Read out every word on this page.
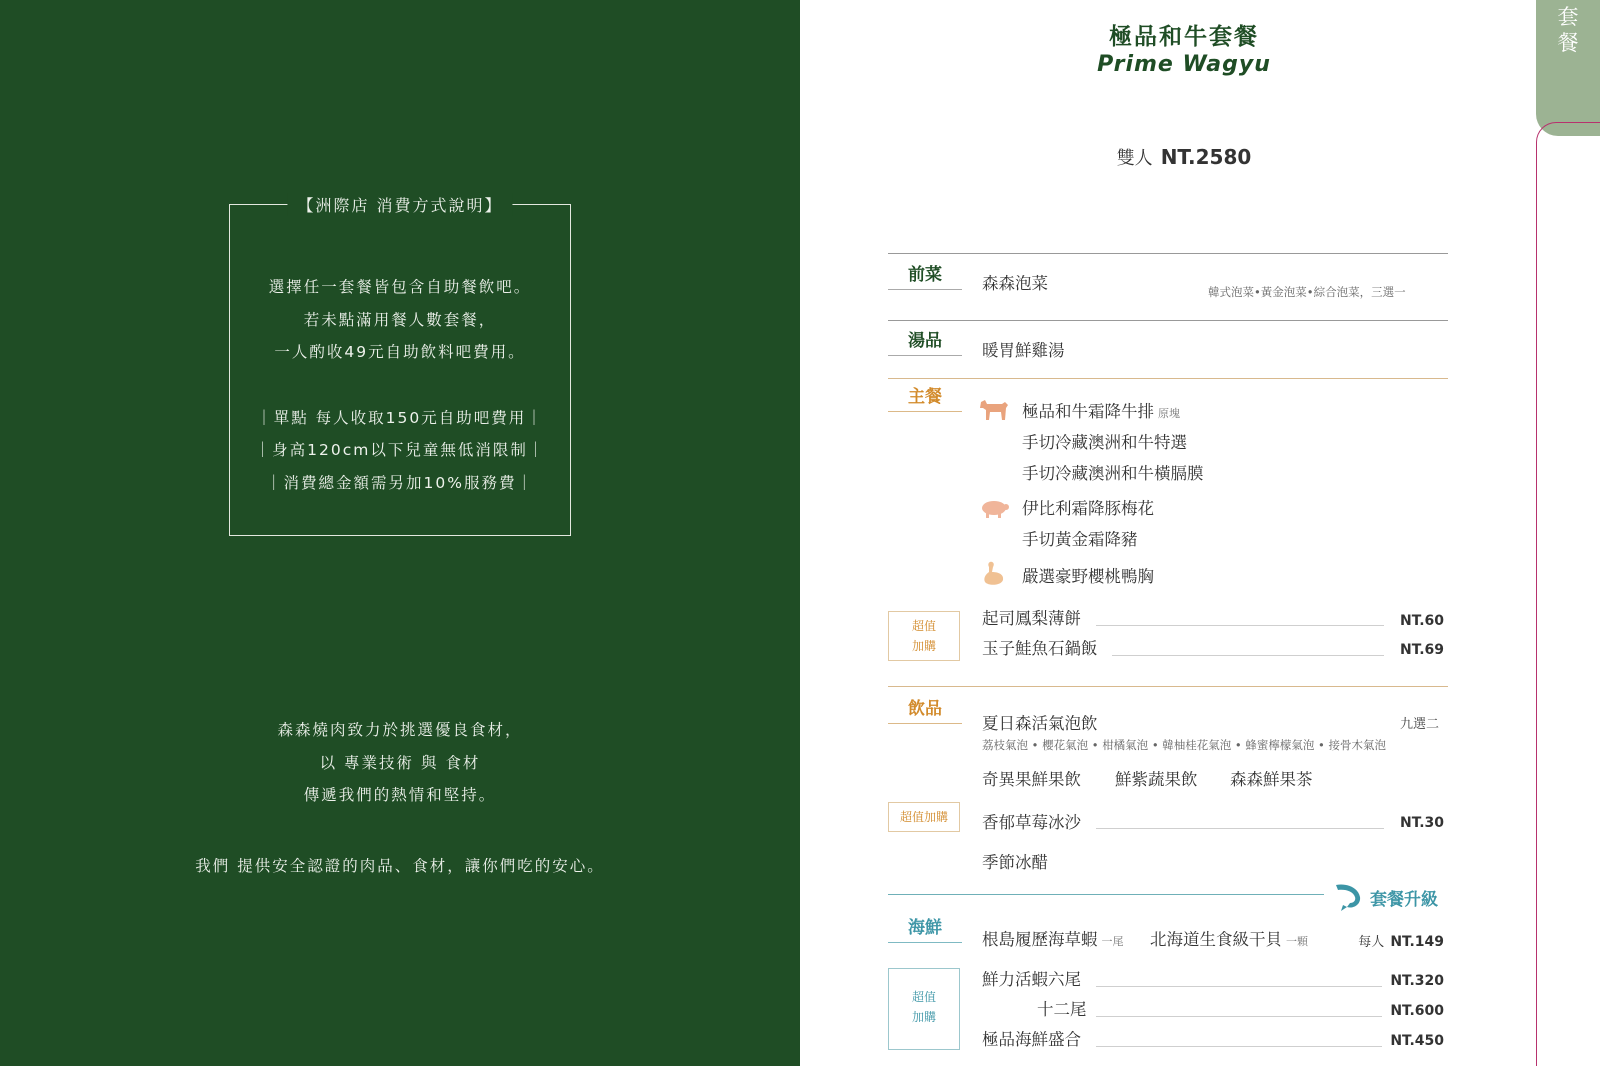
【洲際店 消費方式說明】
選擇任一套餐皆包含自助餐飲吧。
若未點滿用餐人數套餐，
一人酌收49元自助飲料吧費用。
｜單點 每人收取150元自助吧費用｜
｜身高120cm以下兒童無低消限制｜
｜消費總金額需另加10%服務費｜
森森燒肉致力於挑選優良食材，
以 專業技術 與 食材
傳遞我們的熱情和堅持。
我們 提供安全認證的肉品、食材，讓你們吃的安心。
極品和牛套餐
Prime Wagyu
雙人 NT.2580
套
餐
前菜	森森泡菜	韓式泡菜•黃金泡菜•綜合泡菜，三選一
湯品	暖胃鮮雞湯
主餐
極品和牛霜降牛排 原塊
手切冷藏澳洲和牛特選
手切冷藏澳洲和牛橫膈膜
伊比利霜降豚梅花
手切黃金霜降豬
嚴選豪野櫻桃鴨胸
超值
加購
起司鳳梨薄餅	NT.60
玉子鮭魚石鍋飯	NT.69
飲品
夏日森活氣泡飲	九選二
荔枝氣泡 • 櫻花氣泡 • 柑橘氣泡 • 韓柚桂花氣泡 • 蜂蜜檸檬氣泡 • 接骨木氣泡
奇異果鮮果飲 鮮紫蔬果飲 森森鮮果茶
超值加購	香郁草莓冰沙	NT.30
季節冰醋
套餐升級
海鮮
根島履歷海草蝦 一尾 北海道生食級干貝 一顆	每人 NT.149
超值
加購
鮮力活蝦六尾	NT.320
十二尾	NT.600
極品海鮮盛合	NT.450
